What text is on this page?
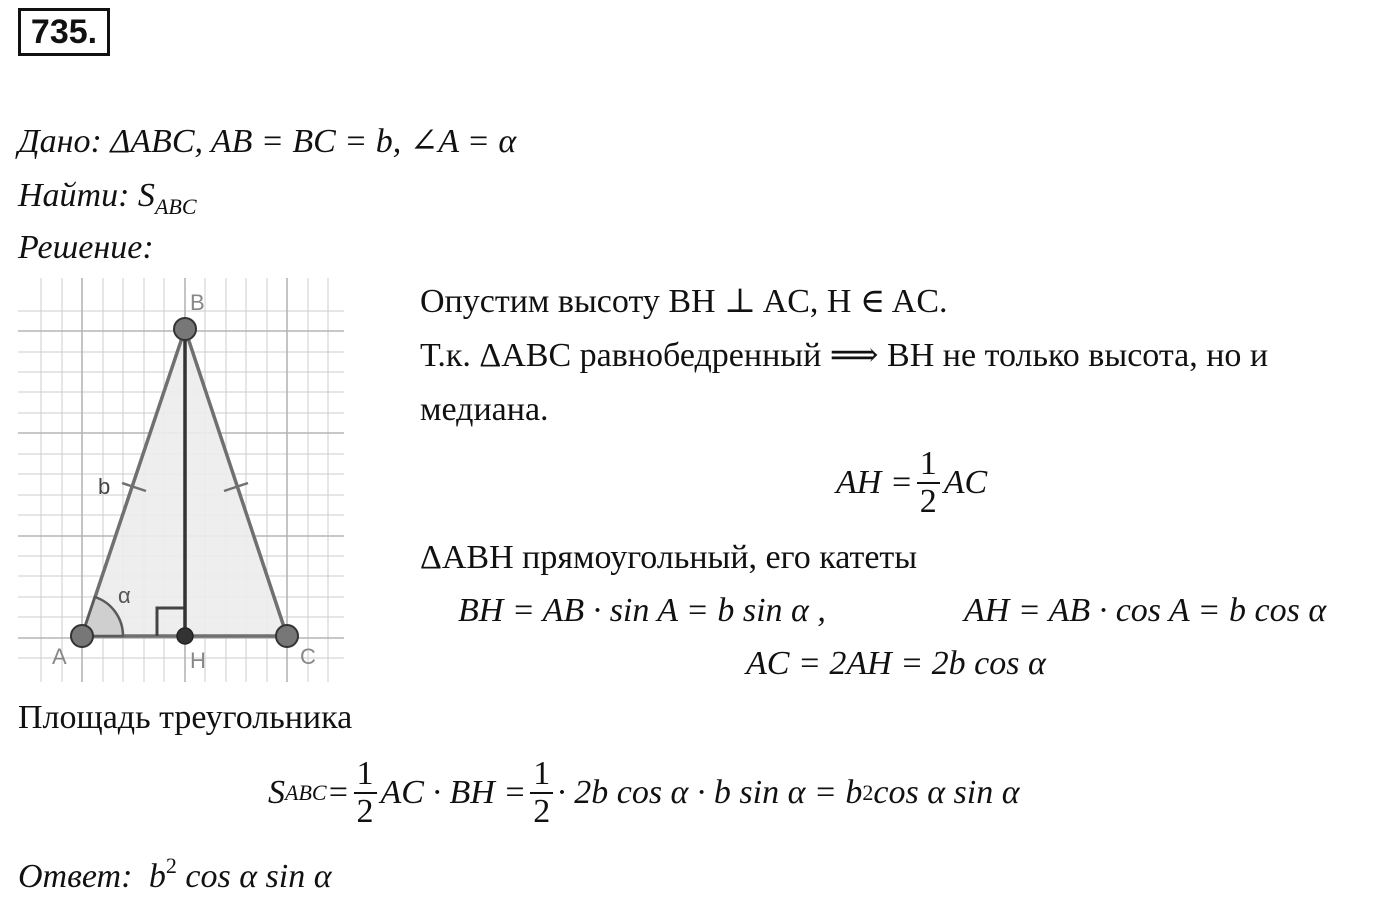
735.
Дано: ΔABC, AB = BC = b, ∠A = α
Найти: $S_{ABC}$
Решение:
B
A	H	C
b
α
Опустим высоту BH ⊥ AC, H ∈ AC.
Т.к. ΔABC равнобедренный ⟹ BH не только высота, но и
медиана.
AH = $\frac{1}{2}$ AC
ΔABH прямоугольный, его катеты
BH = AB · sin A = b sin α ,	AH = AB · cos A = b cos α
AC = 2AH = 2b cos α
Площадь треугольника
S ABC = $\frac{1}{2}$ AC · BH = $\frac{1}{2} \cdot 2b$ cos α · b sin α = b 2 cos α sin α
Ответ: $b^2$ cos α sin α
